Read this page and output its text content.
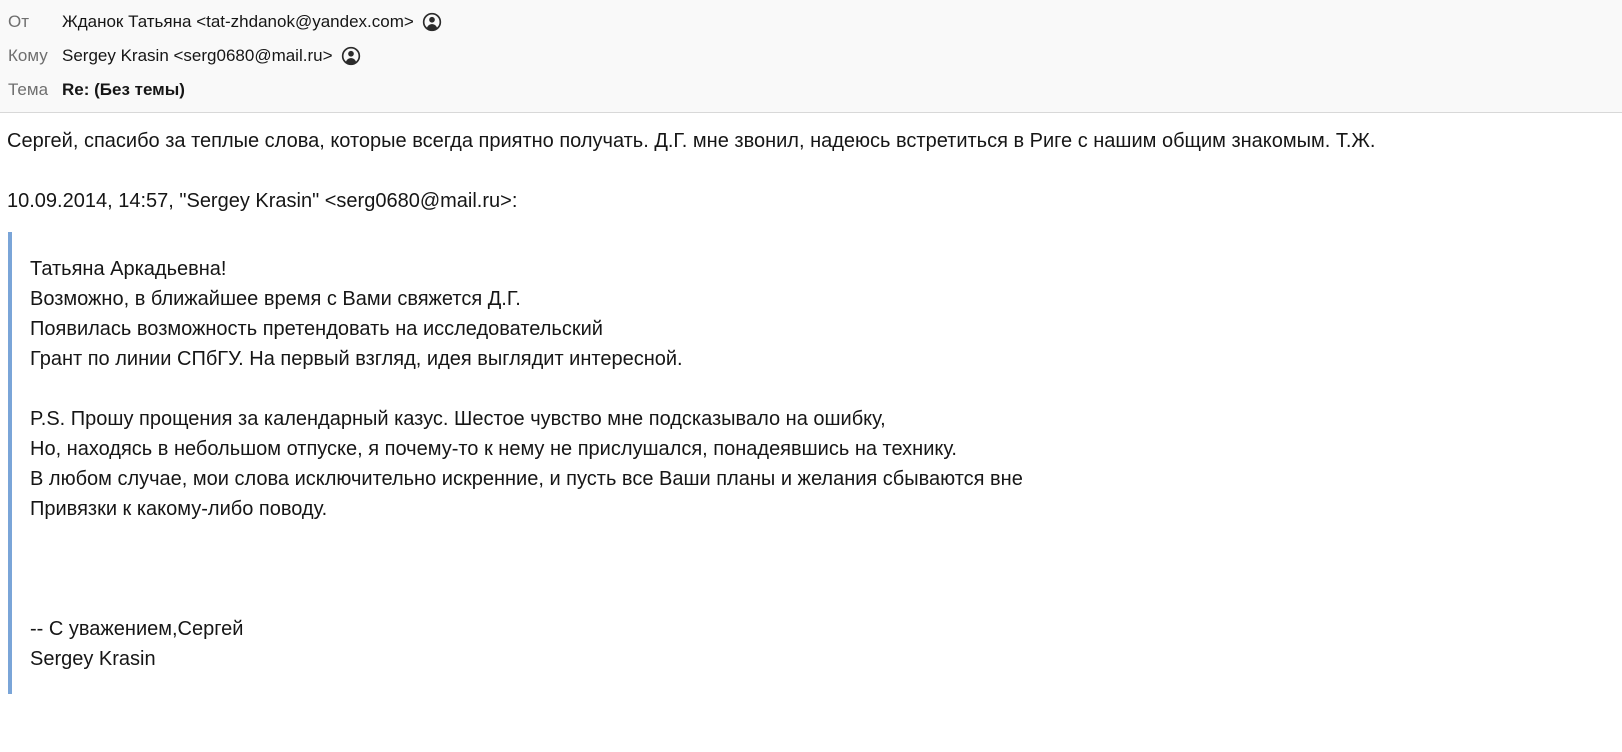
От	Жданок Татьяна <tat-zhdanok@yandex.com>
Кому Sergey Krasin <serg0680@mail.ru>
Тема Re: (Без темы)
Сергей, спасибо за теплые слова, которые всегда приятно получать. Д.Г. мне звонил, надеюсь встретиться в Риге с нашим общим знакомым. Т.Ж.
10.09.2014, 14:57, "Sergey Krasin" <serg0680@mail.ru>:
Татьяна Аркадьевна!
Возможно, в ближайшее время с Вами свяжется Д.Г.
Появилась возможность претендовать на исследовательский
Грант по линии СПбГУ. На первый взгляд, идея выглядит интересной.
P.S. Прошу прощения за календарный казус. Шестое чувство мне подсказывало на ошибку,
Но, находясь в небольшом отпуске, я почему-то к нему не прислушался, понадеявшись на технику.
В любом случае, мои слова исключительно искренние, и пусть все Ваши планы и желания сбываются вне
Привязки к какому-либо поводу.
-- С уважением,Сергей
Sergey Krasin
